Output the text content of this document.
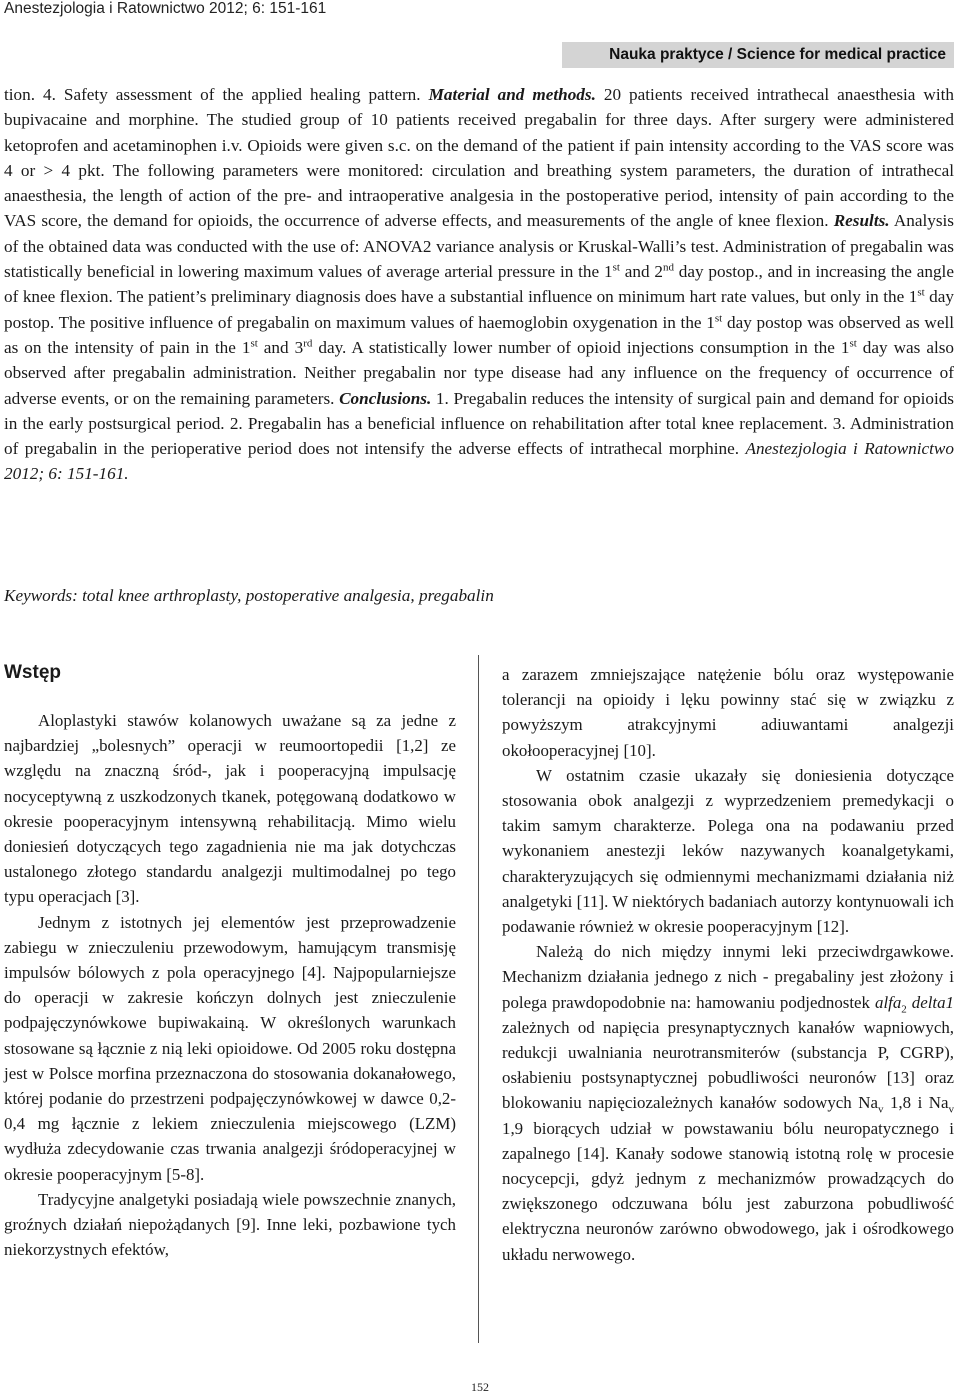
Anestezjologia i Ratownictwo 2012; 6: 151-161
Nauka praktyce / Science for medical practice

tion. 4. Safety assessment of the applied healing pattern. Material and methods. 20 patients received intrathecal anaesthesia with bupivacaine and morphine. The studied group of 10 patients received pregabalin for three days. After surgery were administered ketoprofen and acetaminophen i.v. Opioids were given s.c. on the demand of the patient if pain intensity according to the VAS score was 4 or > 4 pkt. The following parameters were monitored: circulation and breathing system parameters, the duration of intrathecal anaesthesia, the length of action of the pre- and intraoperative analgesia in the postoperative period, intensity of pain according to the VAS score, the demand for opioids, the occurrence of adverse effects, and measurements of the angle of knee flexion. Results. Analysis of the obtained data was conducted with the use of: ANOVA2 variance analysis or Kruskal-Walli’s test. Administration of pregabalin was statistically beneficial in lowering maximum values of average arterial pressure in the 1st and 2nd day postop., and in increasing the angle of knee flexion. The patient’s preliminary diagnosis does have a substantial influence on minimum hart rate values, but only in the 1st day postop. The positive influence of pregabalin on maximum values of haemoglobin oxygenation in the 1st day postop was observed as well as on the intensity of pain in the 1st and 3rd day. A statistically lower number of opioid injections consumption in the 1st day was also observed after pregabalin administration. Neither pregabalin nor type disease had any influence on the frequency of occurrence of adverse events, or on the remaining parameters. Conclusions. 1. Pregabalin reduces the intensity of surgical pain and demand for opioids in the early postsurgical period. 2. Pregabalin has a beneficial influence on rehabilitation after total knee replacement. 3. Administration of pregabalin in the perioperative period does not intensify the adverse effects of intrathecal morphine. Anestezjologia i Ratownictwo 2012; 6: 151-161.

Keywords: total knee arthroplasty, postoperative analgesia, pregabalin
Wstęp

Aloplastyki stawów kolanowych uważane są za jedne z najbardziej „bolesnych” operacji w reumoortopedii [1,2] ze względu na znaczną śród-, jak i pooperacyjną impulsację nocyceptywną z uszkodzonych tkanek, potęgowaną dodatkowo w okresie pooperacyjnym intensywną rehabilitacją. Mimo wielu doniesień dotyczących tego zagadnienia nie ma jak dotychczas ustalonego złotego standardu analgezji multimodalnej po tego typu operacjach [3].

Jednym z istotnych jej elementów jest przeprowadzenie zabiegu w znieczuleniu przewodowym, hamującym transmisję impulsów bólowych z pola operacyjnego [4]. Najpopularniejsze do operacji w zakresie kończyn dolnych jest znieczulenie podpajęczynówkowe bupiwakainą. W określonych warunkach stosowane są łącznie z nią leki opioidowe. Od 2005 roku dostępna jest w Polsce morfina przeznaczona do stosowania dokanałowego, której podanie do przestrzeni podpajęczynówkowej w dawce 0,2-0,4 mg łącznie z lekiem znieczulenia miejscowego (LZM) wydłuża zdecydowanie czas trwania analgezji śródoperacyjnej w okresie pooperacyjnym [5-8].

Tradycyjne analgetyki posiadają wiele powszechnie znanych, groźnych działań niepożądanych [9]. Inne leki, pozbawione tych niekorzystnych efektów,

a zarazem zmniejszające natężenie bólu oraz występowanie tolerancji na opioidy i lęku powinny stać się w związku z powyższym atrakcyjnymi adiuwantami analgezji okołooperacyjnej [10].

W ostatnim czasie ukazały się doniesienia dotyczące stosowania obok analgezji z wyprzedzeniem premedykacji o takim samym charakterze. Polega ona na podawaniu przed wykonaniem anestezji leków nazywanych koanalgetykami, charakteryzujących się odmiennymi mechanizmami działania niż analgetyki [11]. W niektórych badaniach autorzy kontynuowali ich podawanie również w okresie pooperacyjnym [12].

Należą do nich między innymi leki przeciwdrgawkowe. Mechanizm działania jednego z nich - pregabaliny jest złożony i polega prawdopodobnie na: hamowaniu podjednostek alfa$_2$ delta1 zależnych od napięcia presynaptycznych kanałów wapniowych, redukcji uwalniania neurotransmiterów (substancja P, CGRP), osłabieniu postsynaptycznej pobudliwości neuronów [13] oraz blokowaniu napięciozależnych kanałów sodowych $Na_v$ 1,8 i $Na_v$ 1,9 biorących udział w powstawaniu bólu neuropatycznego i zapalnego [14]. Kanały sodowe stanowią istotną rolę w procesie nocycepcji, gdyż jednym z mechanizmów prowadzących do zwiększonego odczuwana bólu jest zaburzona pobudliwość elektryczna neuronów zarówno obwodowego, jak i ośrodkowego układu nerwowego.

152
